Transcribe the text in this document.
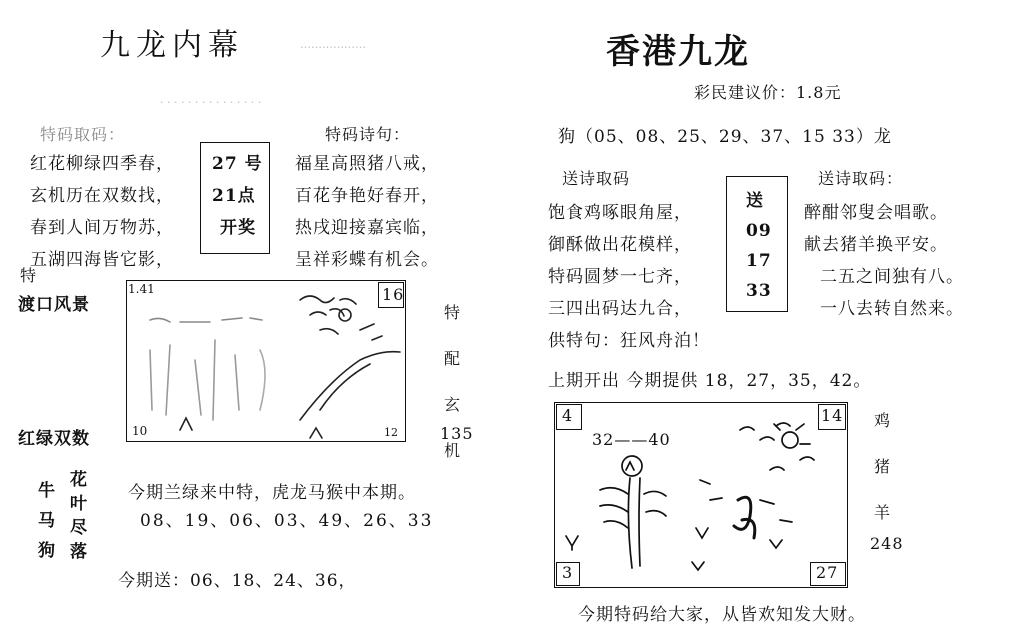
九龙内幕	………………
· · · · · · · · · · · · · · ·
特码取码：	特码诗句：
红花柳绿四季春，
玄机历在双数找，
春到人间万物苏，
五湖四海皆它影，
27 号
21点
开奖
福星高照猪八戒，
百花争艳好春开，
热戌迎接嘉宾临，
呈祥彩蝶有机会。
特
渡口风景
红绿双数
1.41	16
10	12
特
配
玄
机
135
牛
马
狗
花
叶
尽
落
今期兰绿来中特，虎龙马猴中本期。
08、19、06、03、49、26、33
今期送：06、18、24、36，
香港九龙
彩民建议价：1.8元
狗（05、08、25、29、37、15 33）龙
送诗取码	送诗取码：
饱食鸡啄眼角屋，
御酥做出花模样，
特码圆梦一七齐，
三四出码达九合，
送
09
17
33
醉酣邻叟会唱歌。
献去猪羊换平安。
二五之间独有八。
一八去转自然来。
供特句：狂风舟泊！
上期开出 今期提供 18，27，35，42。
4	14
3	27
32——40
鸡
猪
羊
248
今期特码给大家，从皆欢知发大财。
